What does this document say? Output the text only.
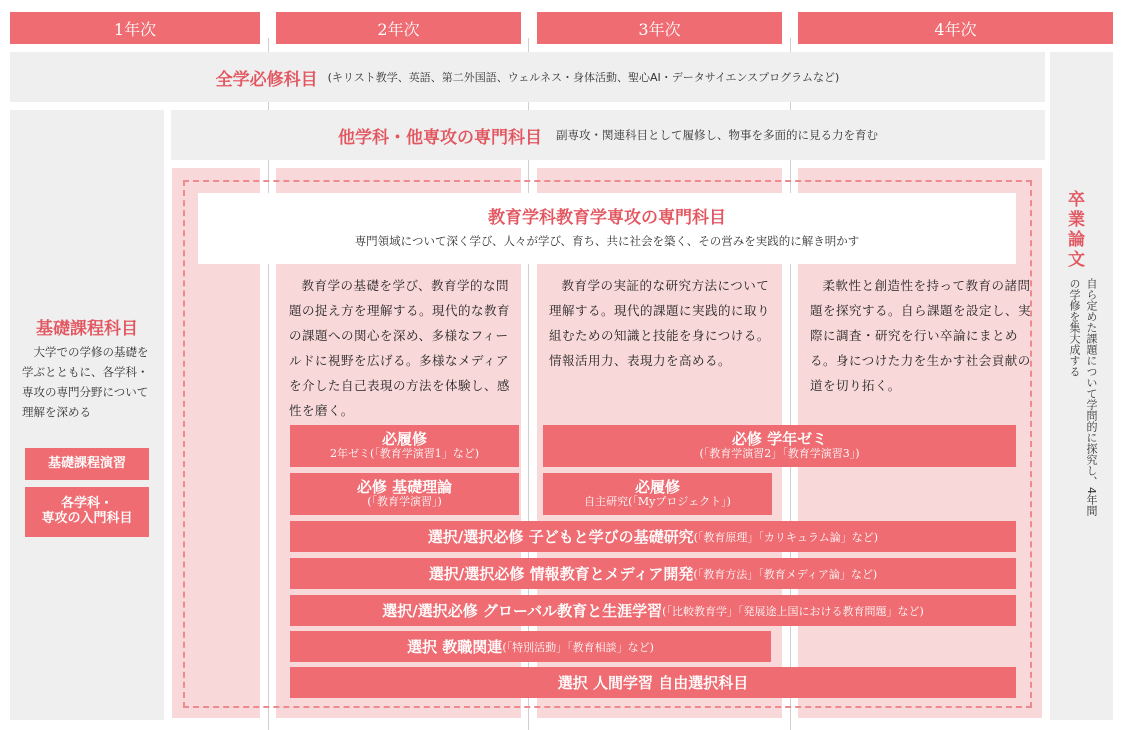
1年次	2年次	3年次	4年次
全学必修科目 (キリスト教学、英語、第二外国語、ウェルネス・身体活動、聖心AI・データサイエンスプログラムなど)
基礎課程科目
大学での学修の基礎を学ぶとともに、各学科・専攻の専門分野について理解を深める
基礎課程演習
各学科・
専攻の入門科目
他学科・他専攻の専門科目 副専攻・関連科目として履修し、物事を多面的に見る力を育む
卒業論文
自ら定めた課題について学問的に探究し、4年間の学修を集大成する
教育学科教育学専攻の専門科目
専門領域について深く学び、人々が学び、育ち、共に社会を築く、その営みを実践的に解き明かす
教育学の基礎を学び、教育学的な問題の捉え方を理解する。現代的な教育の課題への関心を深め、多様なフィールドに視野を広げる。多様なメディアを介した自己表現の方法を体験し、感性を磨く。
教育学の実証的な研究方法について理解する。現代的課題に実践的に取り組むための知識と技能を身につける。情報活用力、表現力を高める。
柔軟性と創造性を持って教育の諸問題を探究する。自ら課題を設定し、実際に調査・研究を行い卒論にまとめる。身につけた力を生かす社会貢献の道を切り拓く。
必履修
2年ゼミ(「教育学演習1」など)
必修 基礎理論
(「教育学演習」)
必修 学年ゼミ
(「教育学演習2」「教育学演習3」)
必履修
自主研究(「Myプロジェクト」)
選択/選択必修 子どもと学びの基礎研究 (「教育原理」「カリキュラム論」など)
選択/選択必修 情報教育とメディア開発 (「教育方法」「教育メディア論」など)
選択/選択必修 グローバル教育と生涯学習 (「比較教育学」「発展途上国における教育問題」など)
選択 教職関連 (「特別活動」「教育相談」など)
選択 人間学習 自由選択科目
